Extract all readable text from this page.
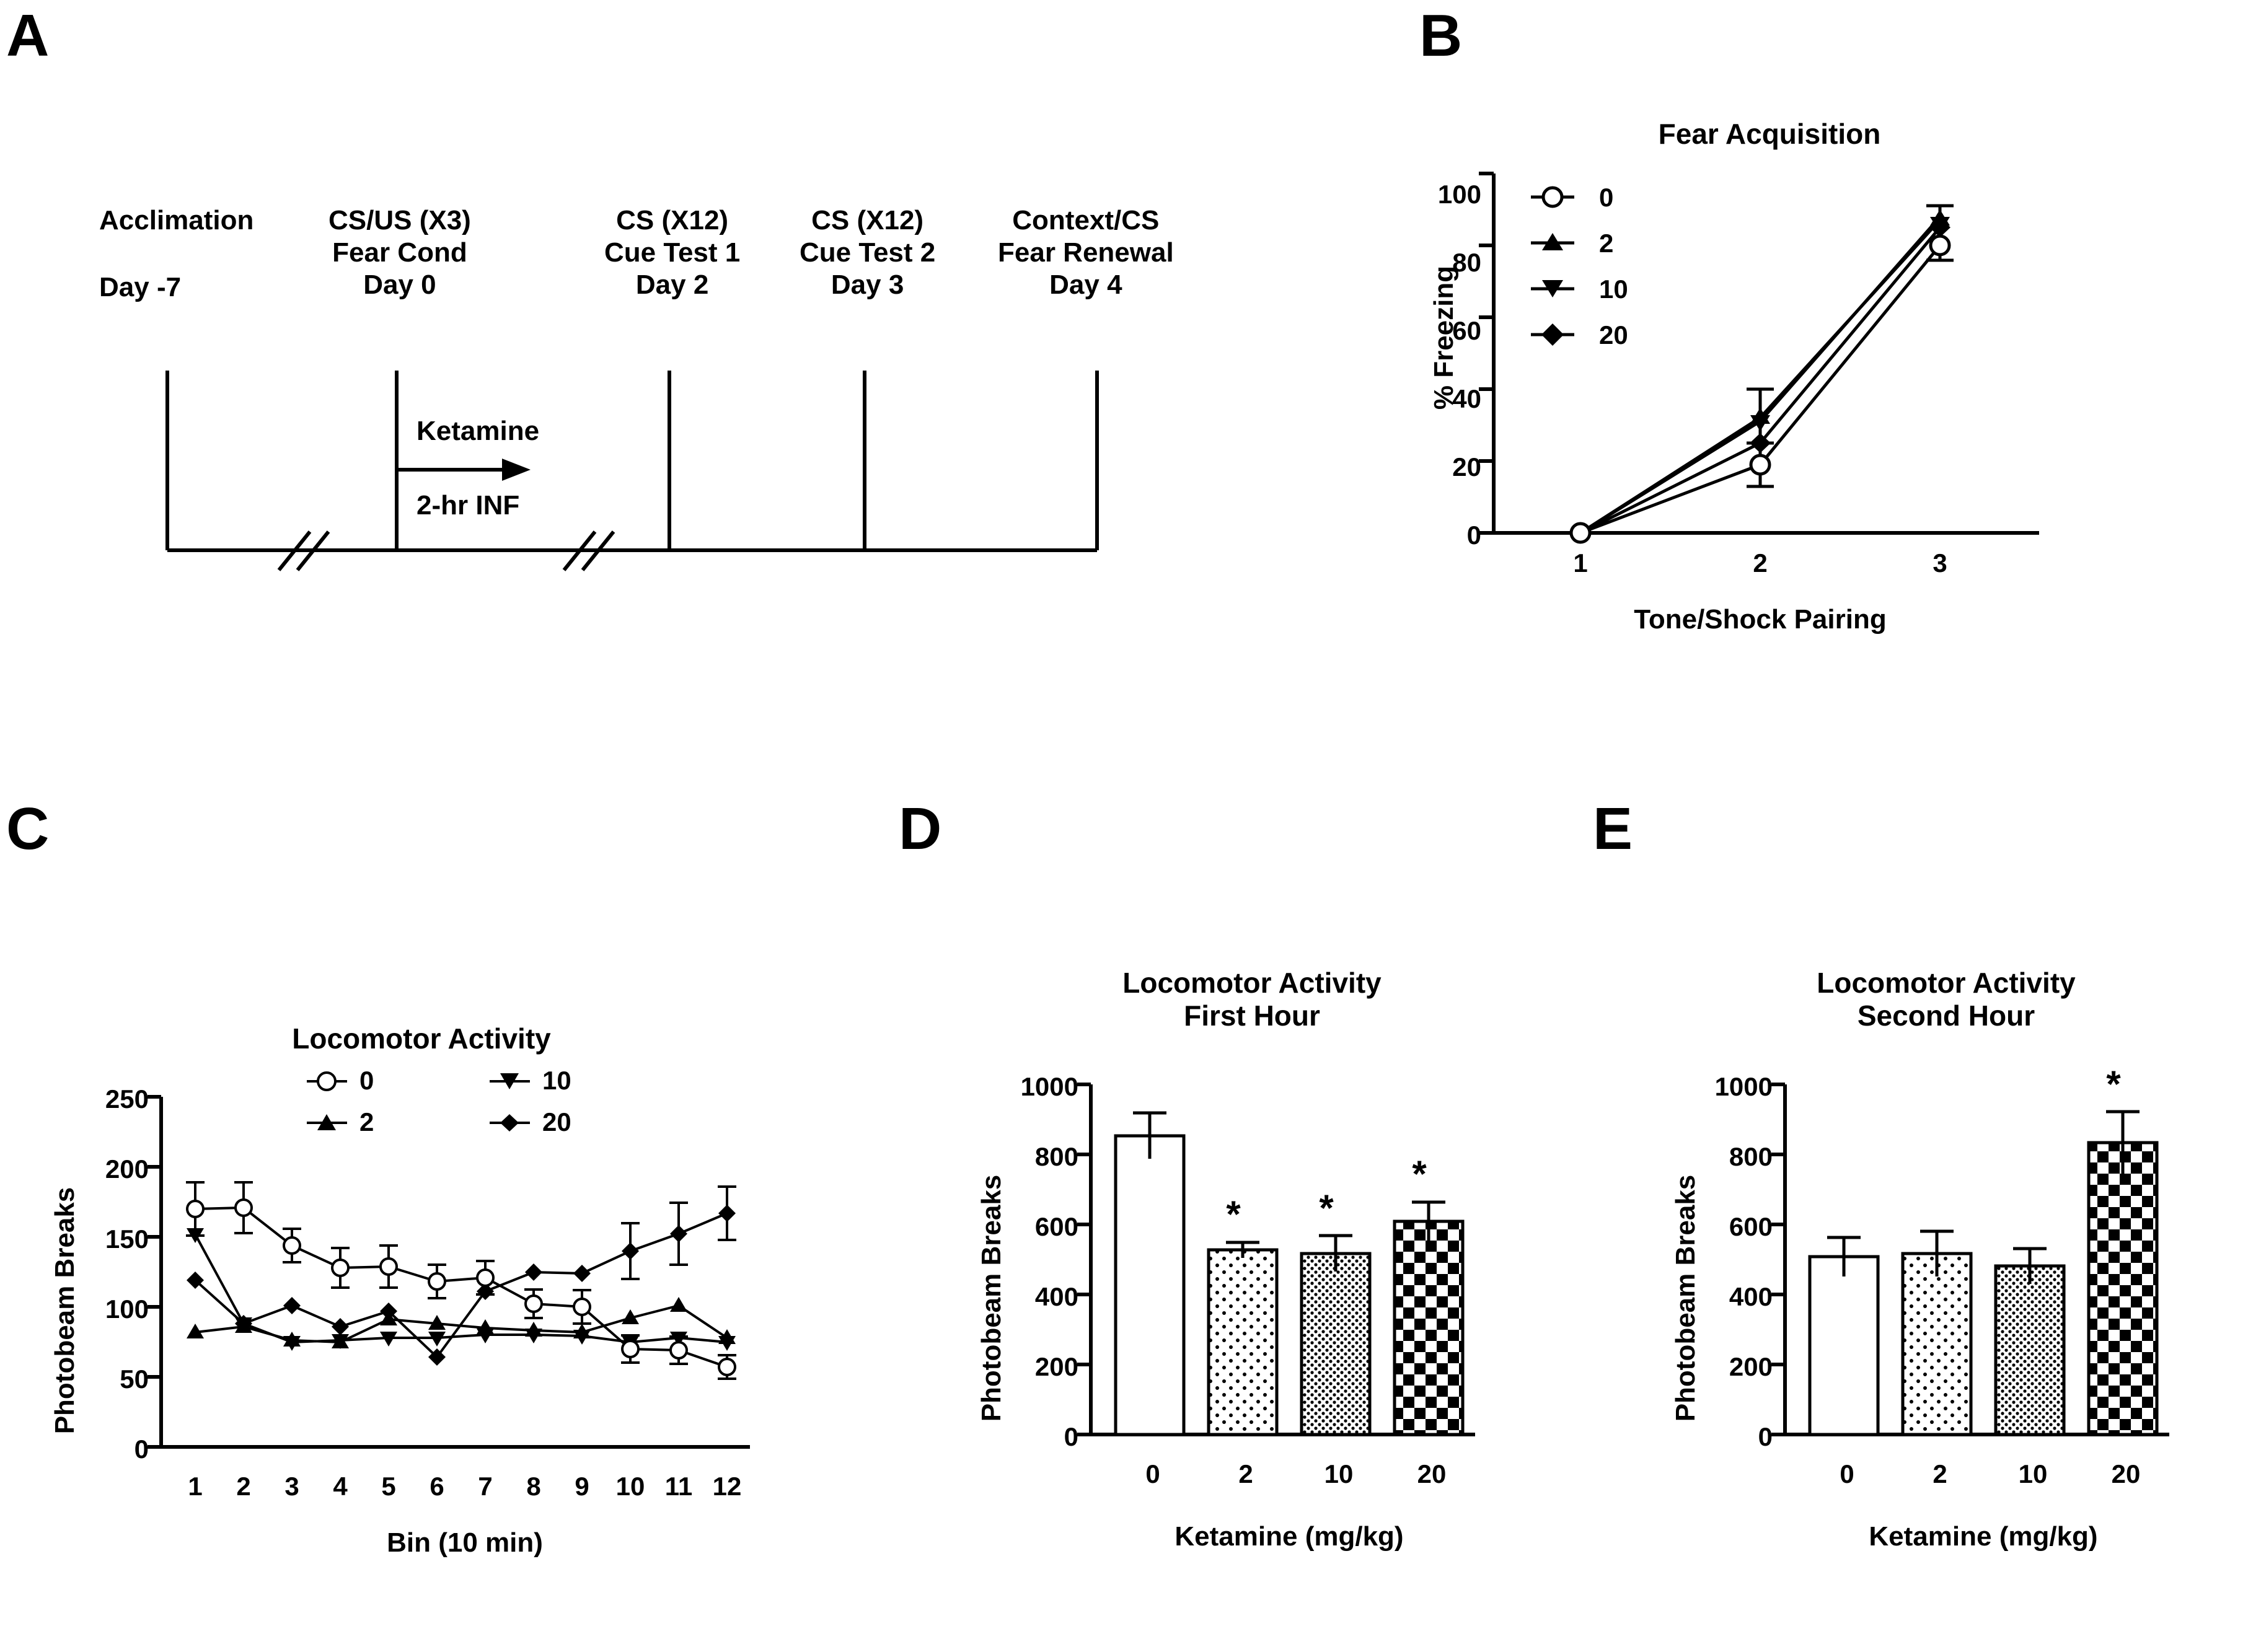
A
Acclimation
Day -7
CS/US (X3)
Fear Cond
Day 0
CS (X12)
Cue Test 1
Day 2
CS (X12)
Cue Test 2
Day 3
Context/CS
Fear Renewal
Day 4
Ketamine
2-hr INF
B
Fear Acquisition
% Freezing
100
80
60
40
20
0
0
2
10
20
1	2	3
Tone/Shock Pairing
C
Locomotor Activity
Photobeam Breaks
250
200
150
100
50
0
0
2
10
20
1	2	3	4	5	6	7	8	9	10 11 12
Bin (10 min)
D
Locomotor Activity
First Hour
Photobeam Breaks
1000
800
600
400
200
0
*	*
*
0	2	10	20
Ketamine (mg/kg)
E
Locomotor Activity
Second Hour
Photobeam Breaks
1000
800
600
400
200
0
*
0	2	10	20
Ketamine (mg/kg)
